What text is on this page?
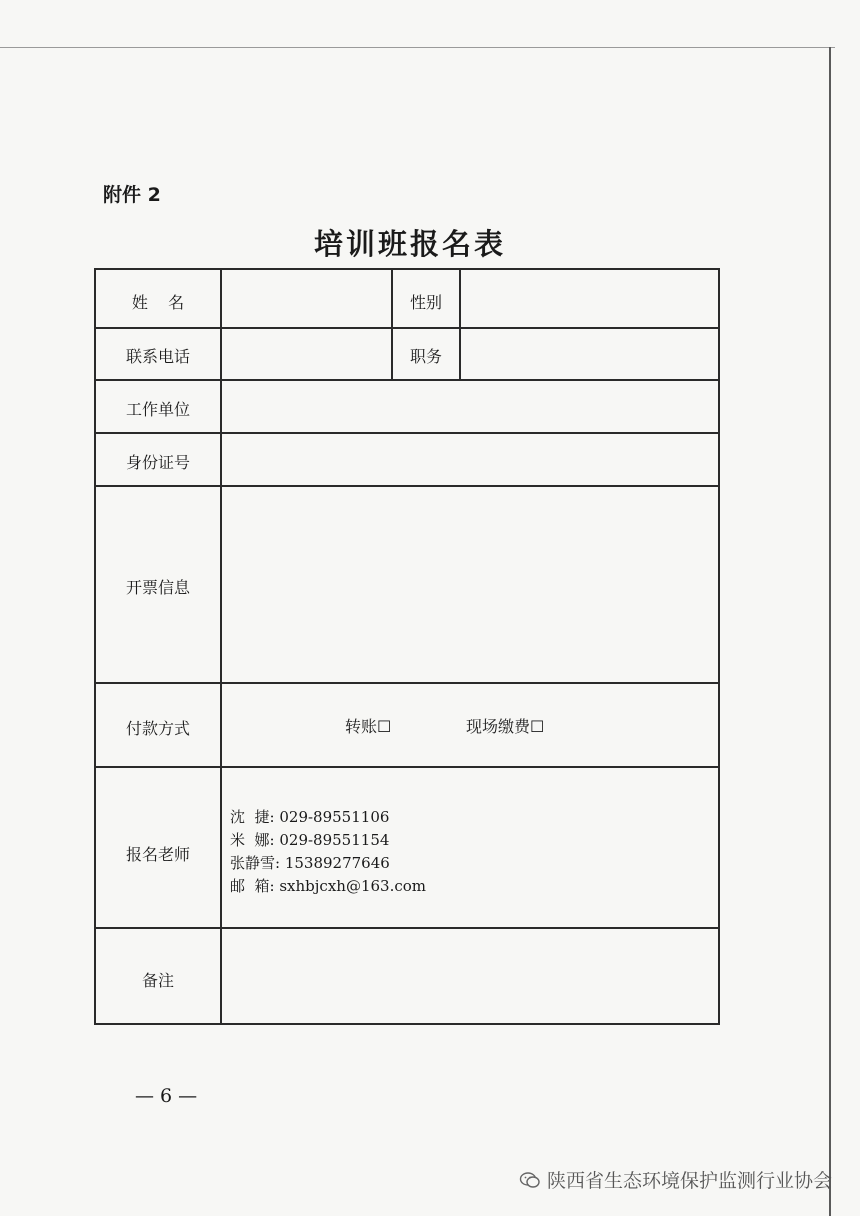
附件 2
培训班报名表
姓    名	性别
联系电话	职务
工作单位
身份证号
开票信息
付款方式	转账☐	现场缴费☐
报名老师
沈  捷: 029-89551106
米  娜: 029-89551154
张静雪: 15389277646
邮  箱: sxhbjcxh@163.com
备注
— 6 —
陕西省生态环境保护监测行业协会
